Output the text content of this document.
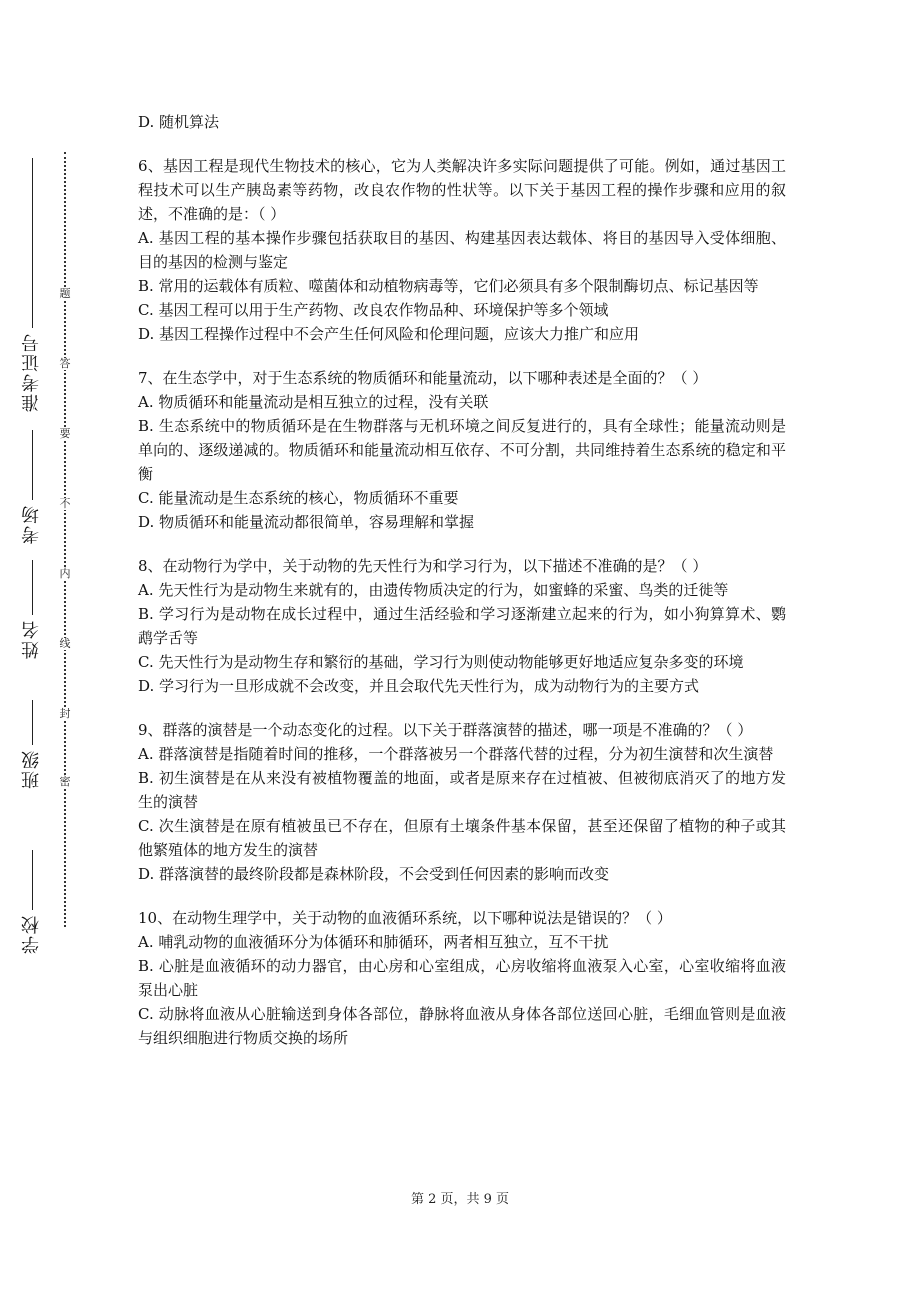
准考证号
考场
姓名
班级
学校
题
答
要
不
内
线
封
密

D. 随机算法

6、基因工程是现代生物技术的核心，它为人类解决许多实际问题提供了可能。例如，通过基因工程技术可以生产胰岛素等药物，改良农作物的性状等。以下关于基因工程的操作步骤和应用的叙述，不准确的是：（ ）

A. 基因工程的基本操作步骤包括获取目的基因、构建基因表达载体、将目的基因导入受体细胞、目的基因的检测与鉴定

B. 常用的运载体有质粒、噬菌体和动植物病毒等，它们必须具有多个限制酶切点、标记基因等

C. 基因工程可以用于生产药物、改良农作物品种、环境保护等多个领域

D. 基因工程操作过程中不会产生任何风险和伦理问题，应该大力推广和应用

7、在生态学中，对于生态系统的物质循环和能量流动，以下哪种表述是全面的？（ ）

A. 物质循环和能量流动是相互独立的过程，没有关联

B. 生态系统中的物质循环是在生物群落与无机环境之间反复进行的，具有全球性；能量流动则是单向的、逐级递减的。物质循环和能量流动相互依存、不可分割，共同维持着生态系统的稳定和平衡

C. 能量流动是生态系统的核心，物质循环不重要

D. 物质循环和能量流动都很简单，容易理解和掌握

8、在动物行为学中，关于动物的先天性行为和学习行为，以下描述不准确的是？（ ）

A. 先天性行为是动物生来就有的，由遗传物质决定的行为，如蜜蜂的采蜜、鸟类的迁徙等

B. 学习行为是动物在成长过程中，通过生活经验和学习逐渐建立起来的行为，如小狗算算术、鹦鹉学舌等

C. 先天性行为是动物生存和繁衍的基础，学习行为则使动物能够更好地适应复杂多变的环境

D. 学习行为一旦形成就不会改变，并且会取代先天性行为，成为动物行为的主要方式

9、群落的演替是一个动态变化的过程。以下关于群落演替的描述，哪一项是不准确的？（ ）

A. 群落演替是指随着时间的推移，一个群落被另一个群落代替的过程，分为初生演替和次生演替

B. 初生演替是在从来没有被植物覆盖的地面，或者是原来存在过植被、但被彻底消灭了的地方发生的演替

C. 次生演替是在原有植被虽已不存在，但原有土壤条件基本保留，甚至还保留了植物的种子或其他繁殖体的地方发生的演替

D. 群落演替的最终阶段都是森林阶段，不会受到任何因素的影响而改变

10、在动物生理学中，关于动物的血液循环系统，以下哪种说法是错误的？（ ）

A. 哺乳动物的血液循环分为体循环和肺循环，两者相互独立，互不干扰

B. 心脏是血液循环的动力器官，由心房和心室组成，心房收缩将血液泵入心室，心室收缩将血液泵出心脏

C. 动脉将血液从心脏输送到身体各部位，静脉将血液从身体各部位送回心脏，毛细血管则是血液与组织细胞进行物质交换的场所

第 2 页，共 9 页
